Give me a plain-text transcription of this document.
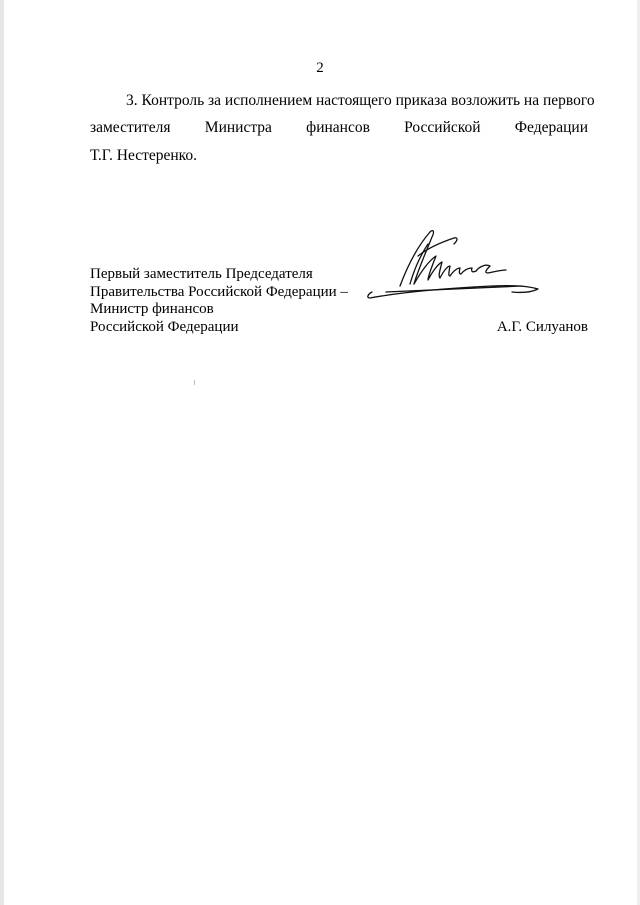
2
3. Контроль за исполнением настоящего приказа возложить на первого
заместителя Министра финансов Российской Федерации
Т.Г. Нестеренко.
Первый заместитель Председателя
Правительства Российской Федерации –
Министр финансов
Российской Федерации	А.Г. Силуанов
